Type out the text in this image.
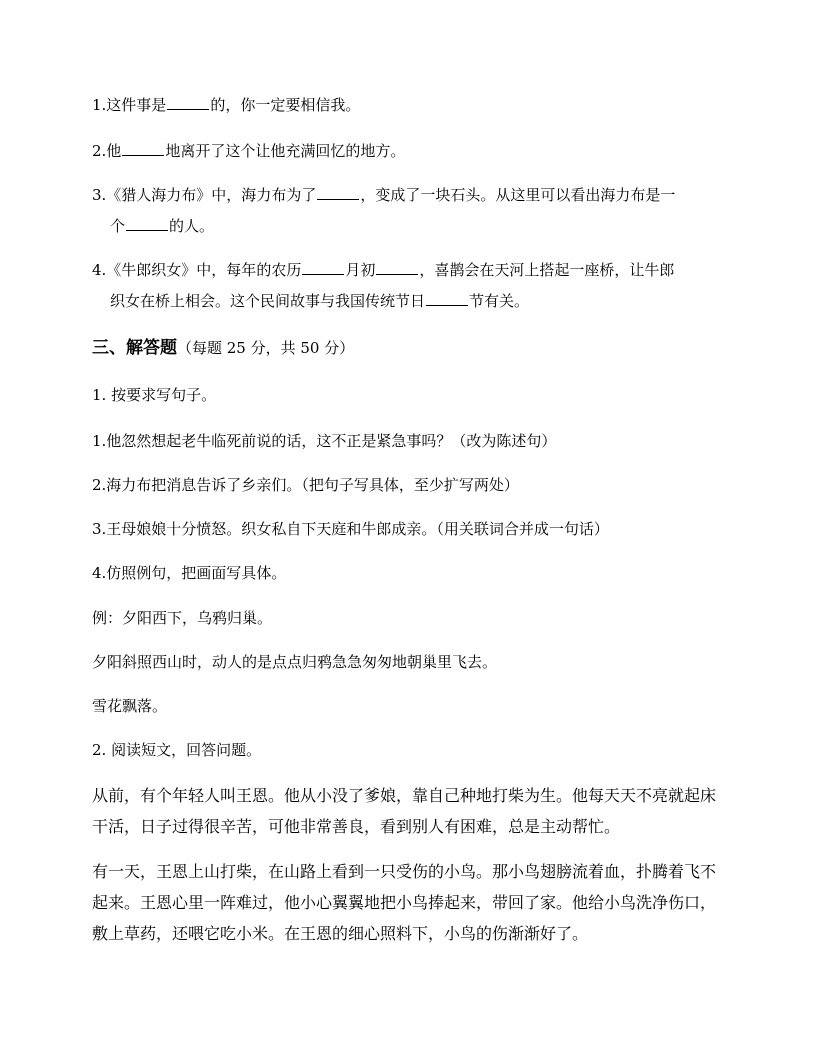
1.这件事是	的，你一定要相信我。
2.他	地离开了这个让他充满回忆的地方。
3.《猎人海力布》中，海力布为了	，变成了一块石头。从这里可以看出海力布是一
个	的人。
4.《牛郎织女》中，每年的农历	月初	，喜鹊会在天河上搭起一座桥，让牛郎
织女在桥上相会。这个民间故事与我国传统节日	节有关。
三、解答题（每题 25 分，共 50 分）
1. 按要求写句子。
1.他忽然想起老牛临死前说的话，这不正是紧急事吗？（改为陈述句）
2.海力布把消息告诉了乡亲们。（把句子写具体，至少扩写两处）
3.王母娘娘十分愤怒。织女私自下天庭和牛郎成亲。（用关联词合并成一句话）
4.仿照例句，把画面写具体。
例：夕阳西下，乌鸦归巢。
夕阳斜照西山时，动人的是点点归鸦急急匆匆地朝巢里飞去。
雪花飘落。
2. 阅读短文，回答问题。
从前，有个年轻人叫王恩。他从小没了爹娘，靠自己种地打柴为生。他每天天不亮就起床
干活，日子过得很辛苦，可他非常善良，看到别人有困难，总是主动帮忙。
有一天，王恩上山打柴，在山路上看到一只受伤的小鸟。那小鸟翅膀流着血，扑腾着飞不
起来。王恩心里一阵难过，他小心翼翼地把小鸟捧起来，带回了家。他给小鸟洗净伤口，
敷上草药，还喂它吃小米。在王恩的细心照料下，小鸟的伤渐渐好了。
